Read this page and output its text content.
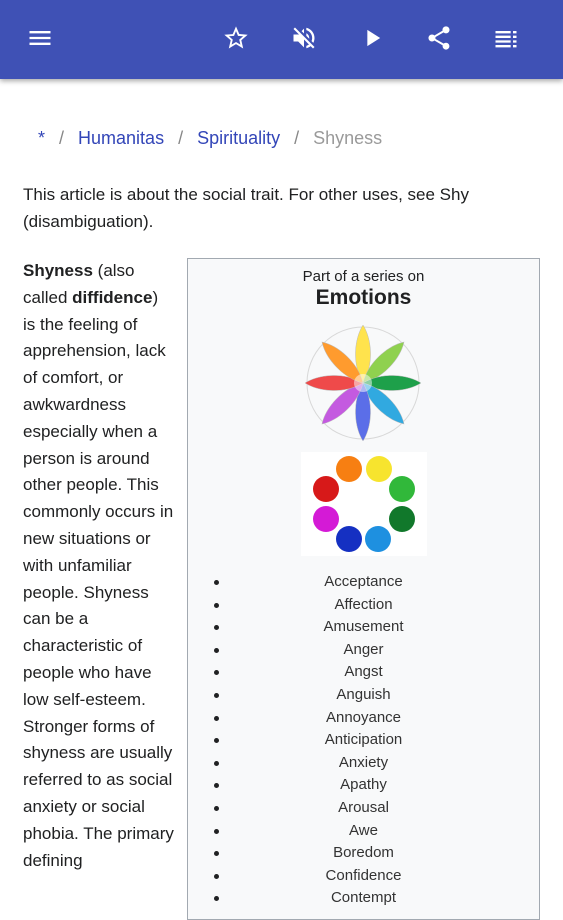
* / Humanitas / Spirituality / Shyness
This article is about the social trait. For other uses, see Shy (disambiguation).
Shyness (also called diffidence) is the feeling of apprehension, lack of comfort, or awkwardness especially when a person is around other people. This commonly occurs in new situations or with unfamiliar people. Shyness can be a characteristic of people who have low self-esteem. Stronger forms of shyness are usually referred to as social anxiety or social phobia. The primary defining
Part of a series on
Emotions
Acceptance
Affection
Amusement
Anger
Angst
Anguish
Annoyance
Anticipation
Anxiety
Apathy
Arousal
Awe
Boredom
Confidence
Contempt
